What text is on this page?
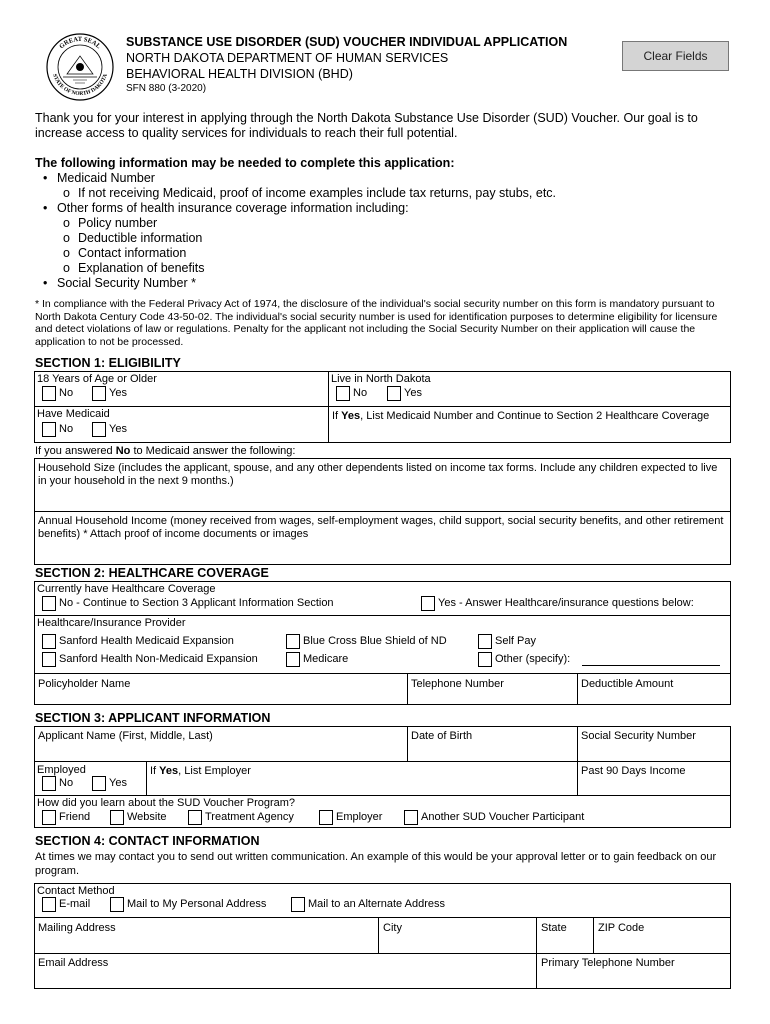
GREAT SEAL
STATE OF NORTH DAKOTA
SUBSTANCE USE DISORDER (SUD) VOUCHER INDIVIDUAL APPLICATION
NORTH DAKOTA DEPARTMENT OF HUMAN SERVICES
BEHAVIORAL HEALTH DIVISION (BHD)
SFN 880 (3-2020)
Clear Fields
Thank you for your interest in applying through the North Dakota Substance Use Disorder (SUD) Voucher. Our goal is to increase access to quality services for individuals to reach their full potential.
The following information may be needed to complete this application:
• Medicaid Number
o If not receiving Medicaid, proof of income examples include tax returns, pay stubs, etc.
• Other forms of health insurance coverage information including:
o Policy number
o Deductible information
o Contact information
o Explanation of benefits
• Social Security Number *
* In compliance with the Federal Privacy Act of 1974, the disclosure of the individual's social security number on this form is mandatory pursuant to North Dakota Century Code 43-50-02. The individual's social security number is used for identification purposes to determine eligibility for licensure and detect violations of law or regulations. Penalty for the applicant not including the Social Security Number on their application will cause the application to not be processed.
SECTION 1: ELIGIBILITY
18 Years of Age or Older
No	Yes
Live in North Dakota
No	Yes
Have Medicaid
No	Yes
If Yes, List Medicaid Number and Continue to Section 2 Healthcare Coverage
If you answered No to Medicaid answer the following:
Household Size (includes the applicant, spouse, and any other dependents listed on income tax forms. Include any children expected to live in your household in the next 9 months.)
Annual Household Income (money received from wages, self-employment wages, child support, social security benefits, and other retirement benefits) * Attach proof of income documents or images
SECTION 2: HEALTHCARE COVERAGE
Currently have Healthcare Coverage
No - Continue to Section 3 Applicant Information Section	Yes - Answer Healthcare/insurance questions below:
Healthcare/Insurance Provider
Sanford Health Medicaid Expansion
Sanford Health Non-Medicaid Expansion
Blue Cross Blue Shield of ND
Medicare
Self Pay
Other (specify):
Policyholder Name	Telephone Number	Deductible Amount
SECTION 3: APPLICANT INFORMATION
Applicant Name (First, Middle, Last)	Date of Birth	Social Security Number
Employed
No	Yes
If Yes, List Employer	Past 90 Days Income
How did you learn about the SUD Voucher Program?
Friend	Website	Treatment Agency	Employer	Another SUD Voucher Participant
SECTION 4: CONTACT INFORMATION
At times we may contact you to send out written communication. An example of this would be your approval letter or to gain feedback on our program.
Contact Method
E-mail	Mail to My Personal Address	Mail to an Alternate Address
Mailing Address	City	State	ZIP Code
Email Address	Primary Telephone Number
